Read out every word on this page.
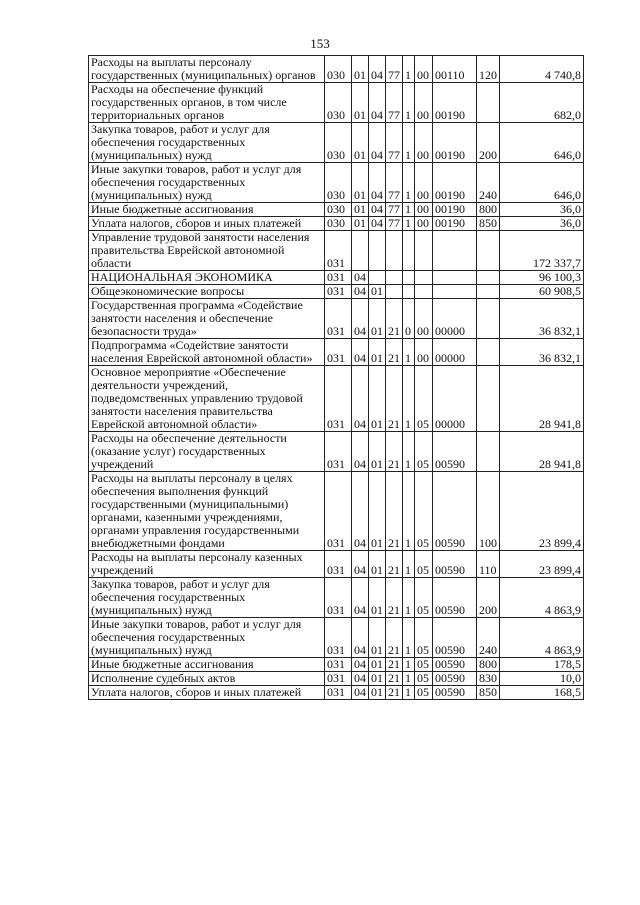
153
Расходы на выплаты персоналу государственных (муниципальных) органов	030	01	04	77	1	00	00110	120	4 740,8
Расходы на обеспечение функций государственных органов, в том числе территориальных органов	030	01	04	77	1	00	00190		682,0
Закупка товаров, работ и услуг для обеспечения государственных (муниципальных) нужд	030	01	04	77	1	00	00190	200	646,0
Иные закупки товаров, работ и услуг для обеспечения государственных (муниципальных) нужд	030	01	04	77	1	00	00190	240	646,0
Иные бюджетные ассигнования	030	01	04	77	1	00	00190	800	36,0
Уплата налогов, сборов и иных платежей	030	01	04	77	1	00	00190	850	36,0
Управление трудовой занятости населения правительства Еврейской автономной области	031								172 337,7
НАЦИОНАЛЬНАЯ ЭКОНОМИКА	031	04							96 100,3
Общеэкономические вопросы	031	04	01						60 908,5
Государственная программа «Содействие занятости населения и обеспечение безопасности труда»	031	04	01	21	0	00	00000		36 832,1
Подпрограмма «Содействие занятости населения Еврейской автономной области»	031	04	01	21	1	00	00000		36 832,1
Основное мероприятие «Обеспечение деятельности учреждений, подведомственных управлению трудовой занятости населения правительства Еврейской автономной области»	031	04	01	21	1	05	00000		28 941,8
Расходы на обеспечение деятельности (оказание услуг) государственных учреждений	031	04	01	21	1	05	00590		28 941,8
Расходы на выплаты персоналу в целях обеспечения выполнения функций государственными (муниципальными) органами, казенными учреждениями, органами управления государственными внебюджетными фондами	031	04	01	21	1	05	00590	100	23 899,4
Расходы на выплаты персоналу казенных учреждений	031	04	01	21	1	05	00590	110	23 899,4
Закупка товаров, работ и услуг для обеспечения государственных (муниципальных) нужд	031	04	01	21	1	05	00590	200	4 863,9
Иные закупки товаров, работ и услуг для обеспечения государственных (муниципальных) нужд	031	04	01	21	1	05	00590	240	4 863,9
Иные бюджетные ассигнования	031	04	01	21	1	05	00590	800	178,5
Исполнение судебных актов	031	04	01	21	1	05	00590	830	10,0
Уплата налогов, сборов и иных платежей	031	04	01	21	1	05	00590	850	168,5
